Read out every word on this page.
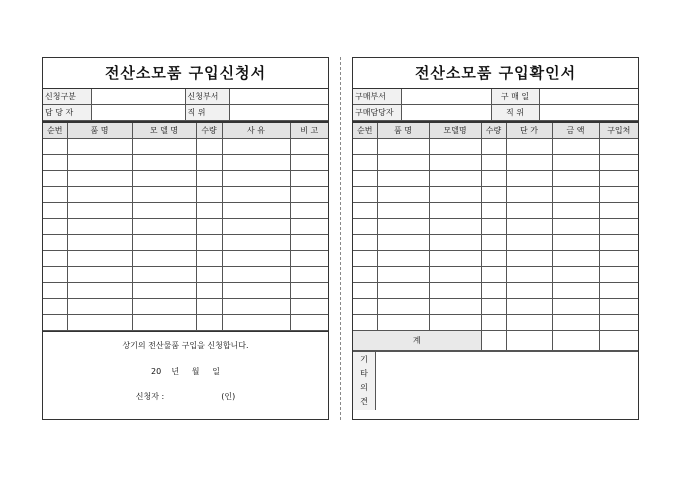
전산소모품 구입신청서
신청구분		신청부서	
담 당 자		직 위	
순번	품 명	모 델 명	수량	사 유	비 고

상기의 전산물품 구입을 신청합니다.
20    년     월     일
신청자 :	(인)
전산소모품 구입확인서
구매부서		구 매 일	
구매담당자		직 위	
순번	품 명	모델명	수량	단 가	금 액	구입처

계						
기
타
의
견
